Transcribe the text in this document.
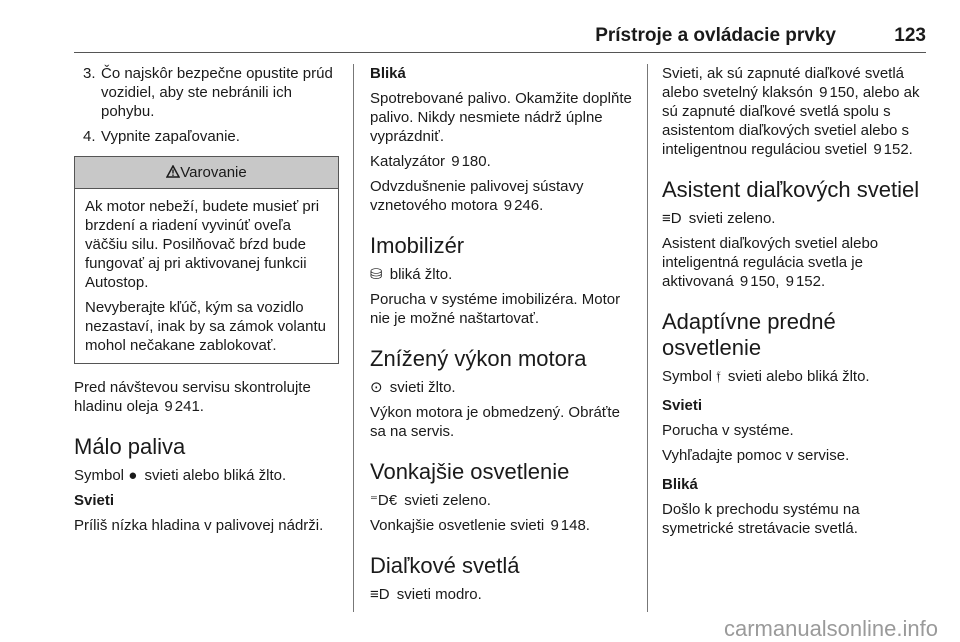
Prístroje a ovládacie prvky	123
3. Čo najskôr bezpečne opustite prúd vozidiel, aby ste nebránili ich pohybu.
4. Vypnite zapaľovanie.
Varovanie

Ak motor nebeží, budete musieť pri brzdení a riadení vyvinúť oveľa väčšiu silu. Posilňovač bŕzd bude fungovať aj pri aktivovanej funkcii Autostop.

Nevyberajte kľúč, kým sa vozidlo nezastaví, inak by sa zámok volantu mohol nečakane zablokovať.

Pred návštevou servisu skontrolujte hladinu oleja 9 241.

Málo paliva

Symbol ● svieti alebo bliká žlto.

Svieti

Príliš nízka hladina v palivovej nádrži.

Bliká

Spotrebované palivo. Okamžite doplňte palivo. Nikdy nesmiete nádrž úplne vyprázdniť.

Katalyzátor 9 180.

Odvzdušnenie palivovej sústavy vznetového motora 9 246.

Imobilizér

⛁ bliká žlto.

Porucha v systéme imobilizéra. Motor nie je možné naštartovať.

Znížený výkon motora

⊙ svieti žlto.

Výkon motora je obmedzený. Obráťte sa na servis.

Vonkajšie osvetlenie

⁼D€ svieti zeleno.

Vonkajšie osvetlenie svieti 9 148.

Diaľkové svetlá

≡D svieti modro.

Svieti, ak sú zapnuté diaľkové svetlá alebo svetelný klaksón 9 150, alebo ak sú zapnuté diaľkové svetlá spolu s asistentom diaľkových svetiel alebo s inteligentnou reguláciou svetiel 9 152.

Asistent diaľkových svetiel

≡D svieti zeleno.

Asistent diaľkových svetiel alebo inteligentná regulácia svetla je aktivovaná 9 150, 9 152.

Adaptívne predné osvetlenie

Symbol 𝔣 svieti alebo bliká žlto.

Svieti

Porucha v systéme.

Vyhľadajte pomoc v servise.

Bliká

Došlo k prechodu systému na symetrické stretávacie svetlá.

carmanualsonline.info
